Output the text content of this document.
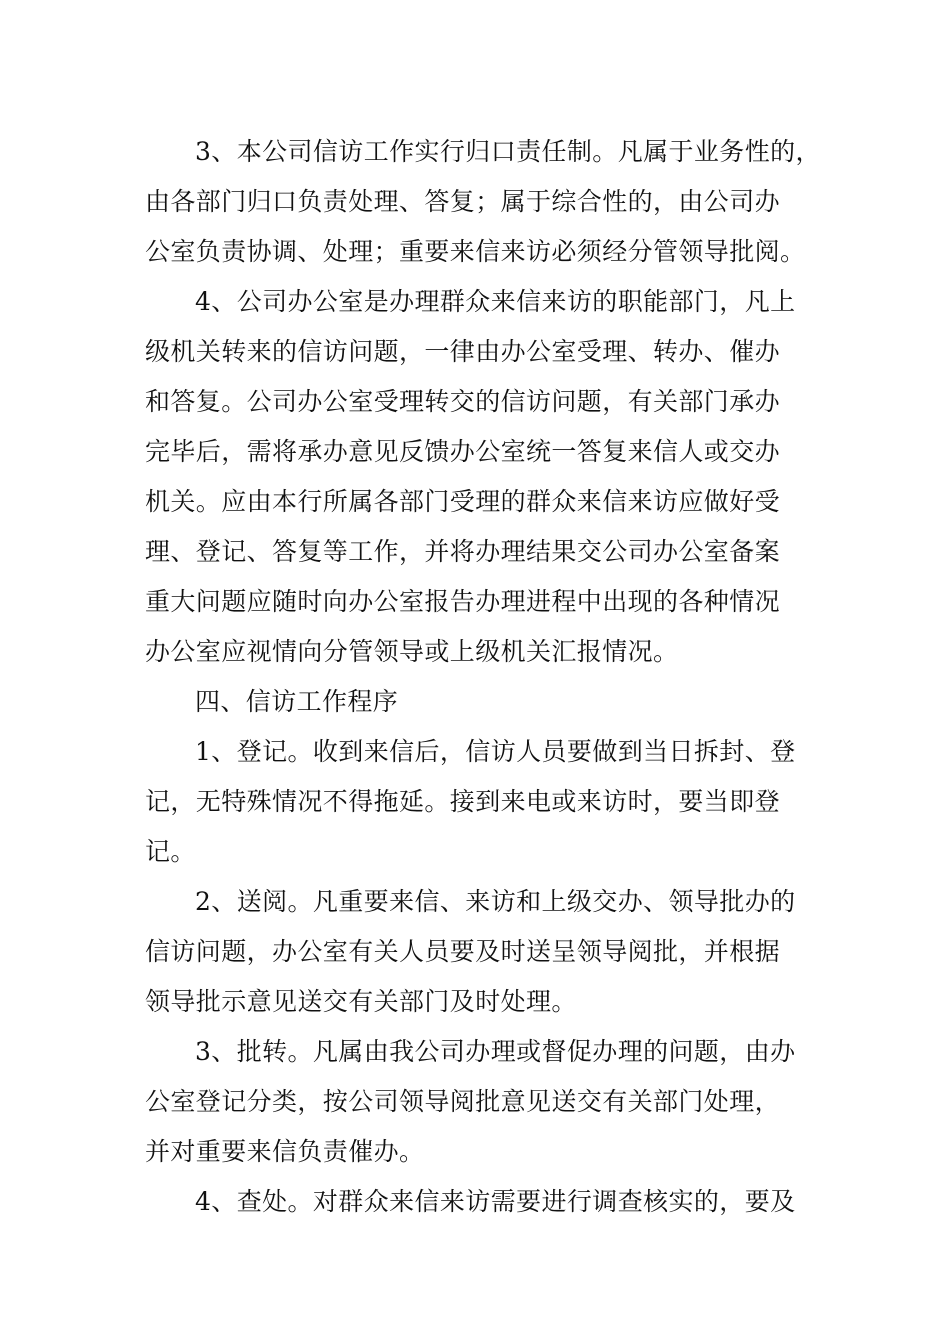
3、本公司信访工作实行归口责任制。凡属于业务性的，
由各部门归口负责处理、答复；属于综合性的，由公司办
公室负责协调、处理；重要来信来访必须经分管领导批阅。
4、公司办公室是办理群众来信来访的职能部门，凡上
级机关转来的信访问题，一律由办公室受理、转办、催办
和答复。公司办公室受理转交的信访问题，有关部门承办
完毕后，需将承办意见反馈办公室统一答复来信人或交办
机关。应由本行所属各部门受理的群众来信来访应做好受
理、登记、答复等工作，并将办理结果交公司办公室备案
重大问题应随时向办公室报告办理进程中出现的各种情况
办公室应视情向分管领导或上级机关汇报情况。
四、信访工作程序
1、登记。收到来信后，信访人员要做到当日拆封、登
记，无特殊情况不得拖延。接到来电或来访时，要当即登
记。
2、送阅。凡重要来信、来访和上级交办、领导批办的
信访问题，办公室有关人员要及时送呈领导阅批，并根据
领导批示意见送交有关部门及时处理。
3、批转。凡属由我公司办理或督促办理的问题，由办
公室登记分类，按公司领导阅批意见送交有关部门处理，
并对重要来信负责催办。
4、查处。对群众来信来访需要进行调查核实的，要及
